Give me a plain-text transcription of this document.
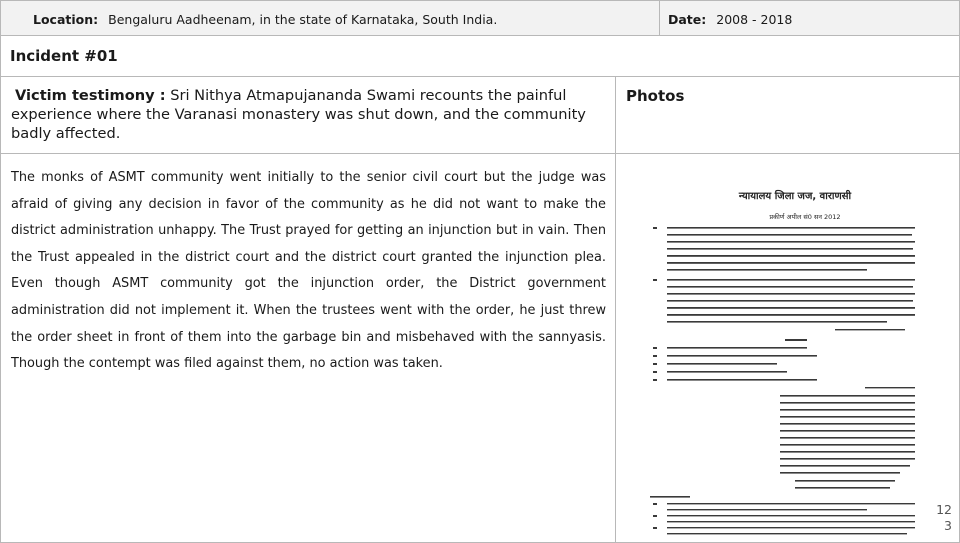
Location: Bengaluru Aadheenam, in the state of Karnataka, South India.	Date: 2008 - 2018
Incident #01
Victim testimony : Sri Nithya Atmapujananda Swami recounts the painful experience where the Varanasi monastery was shut down, and the community badly affected.
Photos
The monks of ASMT community went initially to the senior civil court but the judge was afraid of giving any decision in favor of the community as he did not want to make the district administration unhappy. The Trust prayed for getting an injunction but in vain. Then the Trust appealed in the district court and the district court granted the injunction plea. Even though ASMT community got the injunction order, the District government administration did not implement it. When the trustees went with the order, he just threw the order sheet in front of them into the garbage bin and misbehaved with the sannyasis. Though the contempt was filed against them, no action was taken.
न्यायालय जिला जज, वाराणसी
प्रकीर्ण अपील सं0 सन 2012
12
3
